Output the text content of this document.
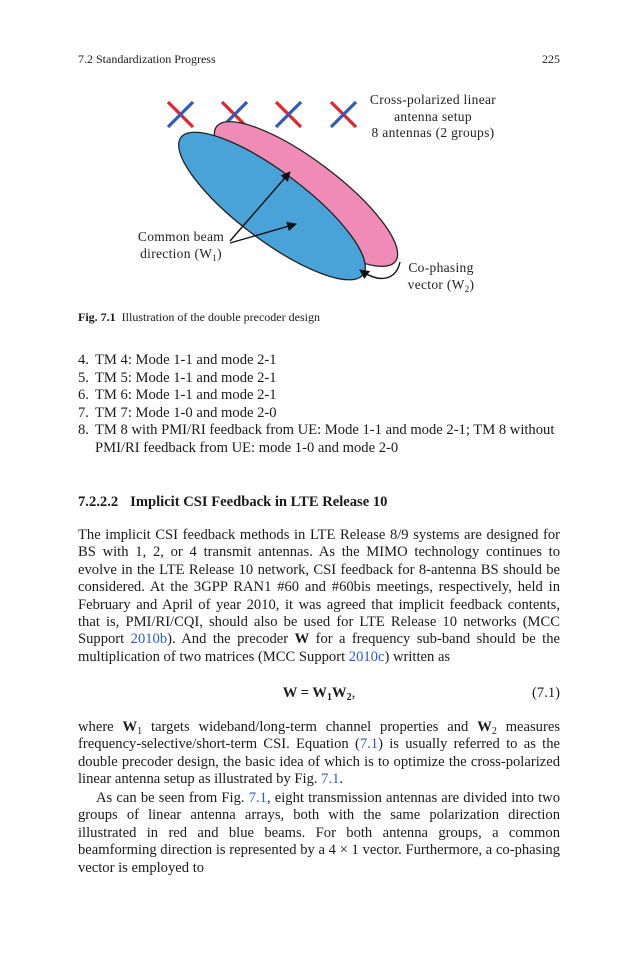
7.2 Standardization Progress	225
Cross-polarized linear
antenna setup
8 antennas (2 groups)
Common beam
direction $(W_1)$
Co-phasing
vector $(W_2)$
Fig. 7.1 Illustration of the double precoder design
4. TM 4: Mode 1-1 and mode 2-1
5. TM 5: Mode 1-1 and mode 2-1
6. TM 6: Mode 1-1 and mode 2-1
7. TM 7: Mode 1-0 and mode 2-0
8. TM 8 with PMI/RI feedback from UE: Mode 1-1 and mode 2-1; TM 8 without PMI/RI feedback from UE: mode 1-0 and mode 2-0
7.2.2.2 Implicit CSI Feedback in LTE Release 10
The implicit CSI feedback methods in LTE Release 8/9 systems are designed for BS with 1, 2, or 4 transmit antennas. As the MIMO technology continues to evolve in the LTE Release 10 network, CSI feedback for 8-antenna BS should be considered. At the 3GPP RAN1 #60 and #60bis meetings, respectively, held in February and April of year 2010, it was agreed that implicit feedback contents, that is, PMI/RI/CQI, should also be used for LTE Release 10 networks (MCC Support 2010b). And the precoder W for a frequency sub-band should be the multiplication of two matrices (MCC Support 2010c) written as
$W = W_1W_2$,	(7.1)
where $W_1$ targets wideband/long-term channel properties and $W_2$ measures frequency-selective/short-term CSI. Equation (7.1) is usually referred to as the double precoder design, the basic idea of which is to optimize the cross-polarized linear antenna setup as illustrated by Fig. 7.1.
As can be seen from Fig. 7.1, eight transmission antennas are divided into two groups of linear antenna arrays, both with the same polarization direction illustrated in red and blue beams. For both antenna groups, a common beamforming direction is represented by a 4 × 1 vector. Furthermore, a co-phasing vector is employed to
